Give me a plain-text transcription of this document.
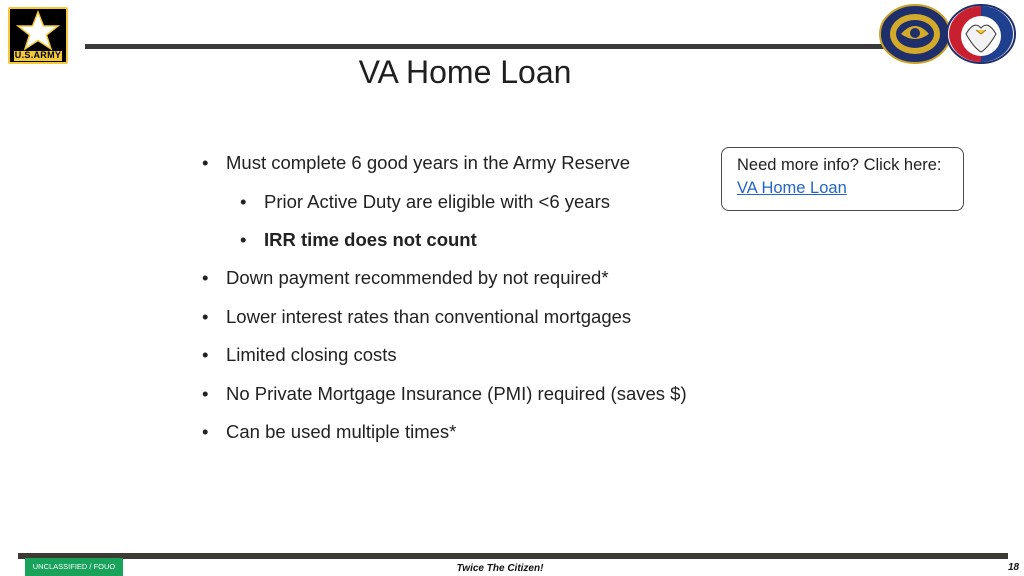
U.S.ARMY	VA Home Loan
• Must complete 6 good years in the Army Reserve
• Prior Active Duty are eligible with <6 years
• IRR time does not count
• Down payment recommended by not required*
• Lower interest rates than conventional mortgages
• Limited closing costs
• No Private Mortgage Insurance (PMI) required (saves $)
• Can be used multiple times*
Need more info? Click here:
VA Home Loan
UNCLASSIFIED / FOUO	Twice The Citizen!	18
